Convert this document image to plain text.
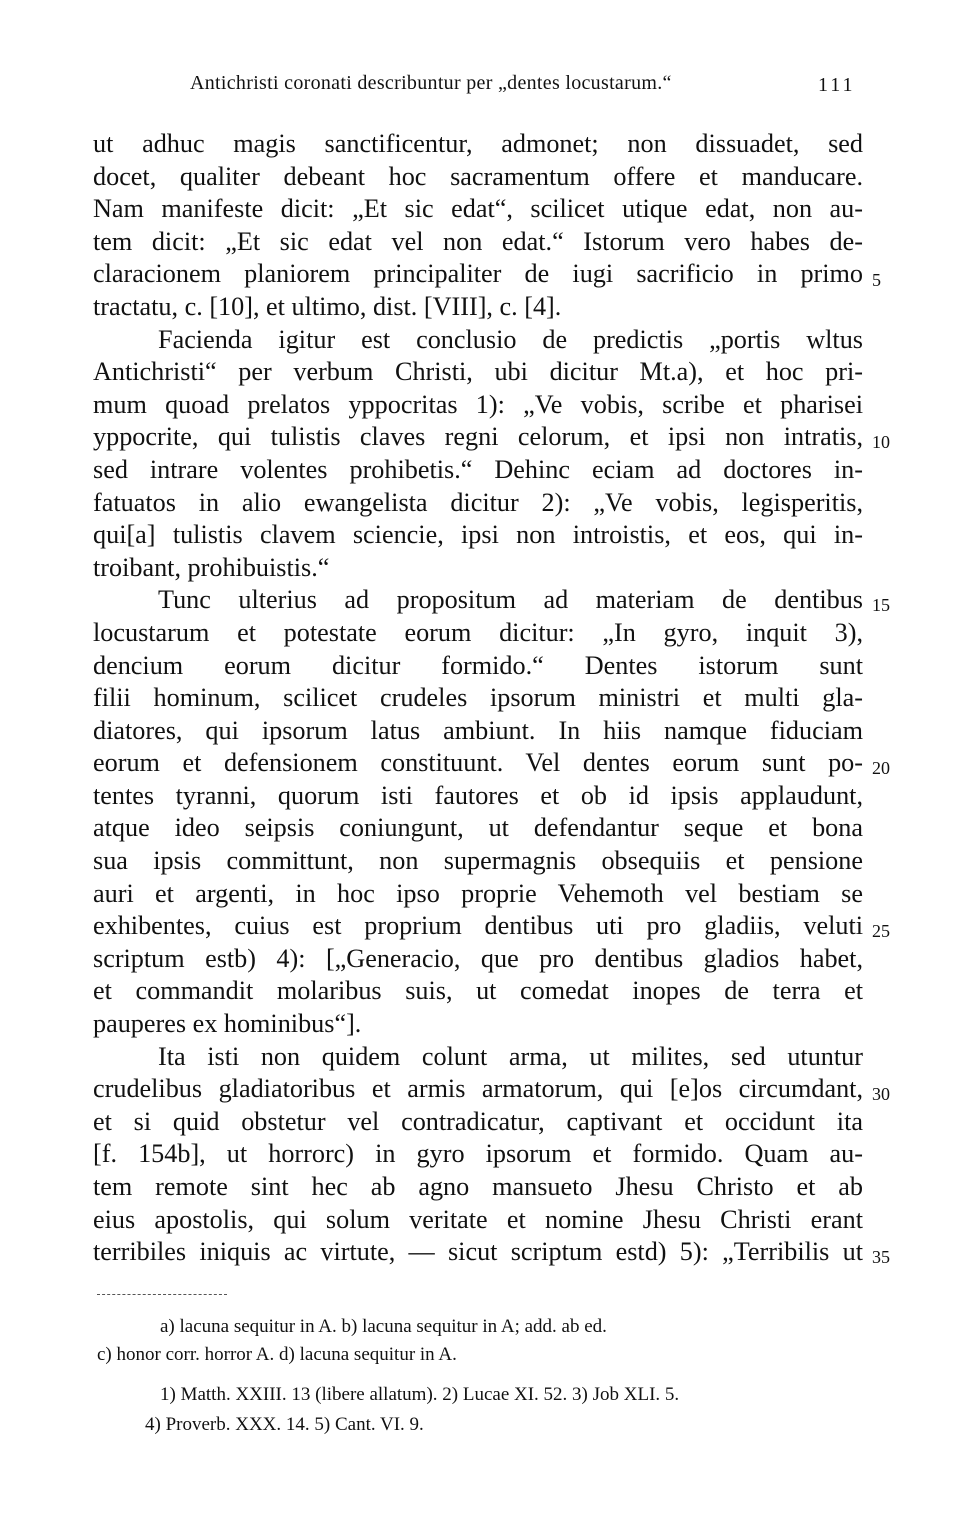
Antichristi coronati describuntur per „dentes locustarum.“	111
ut adhuc magis sanctificentur, admonet; non dissuadet, sed
docet, qualiter debeant hoc sacramentum offere et manducare.
Nam manifeste dicit: „Et sic edat“, scilicet utique edat, non au-
tem dicit: „Et sic edat vel non edat.“ Istorum vero habes de-
claracionem planiorem principaliter de iugi sacrificio in primo
tractatu, c. [10], et ultimo, dist. [VIII], c. [4].
Facienda igitur est conclusio de predictis „portis wltus
Antichristi“ per verbum Christi, ubi dicitur Mt.a), et hoc pri-
mum quoad prelatos yppocritas 1): „Ve vobis, scribe et pharisei
yppocrite, qui tulistis claves regni celorum, et ipsi non intratis,
sed intrare volentes prohibetis.“ Dehinc eciam ad doctores in-
fatuatos in alio ewangelista dicitur 2): „Ve vobis, legisperitis,
qui[a] tulistis clavem sciencie, ipsi non introistis, et eos, qui in-
troibant, prohibuistis.“
Tunc ulterius ad propositum ad materiam de dentibus
locustarum et potestate eorum dicitur: „In gyro, inquit 3),
dencium eorum dicitur formido.“ Dentes istorum sunt
filii hominum, scilicet crudeles ipsorum ministri et multi gla-
diatores, qui ipsorum latus ambiunt. In hiis namque fiduciam
eorum et defensionem constituunt. Vel dentes eorum sunt po-
tentes tyranni, quorum isti fautores et ob id ipsis applaudunt,
atque ideo seipsis coniungunt, ut defendantur seque et bona
sua ipsis committunt, non supermagnis obsequiis et pensione
auri et argenti, in hoc ipso proprie Vehemoth vel bestiam se
exhibentes, cuius est proprium dentibus uti pro gladiis, veluti
scriptum estb) 4): [„Generacio, que pro dentibus gladios habet,
et commandit molaribus suis, ut comedat inopes de terra et
pauperes ex hominibus“].
Ita isti non quidem colunt arma, ut milites, sed utuntur
crudelibus gladiatoribus et armis armatorum, qui [e]os circumdant,
et si quid obstetur vel contradicatur, captivant et occidunt ita
[f. 154b], ut horrorc) in gyro ipsorum et formido. Quam au-
tem remote sint hec ab agno mansueto Jhesu Christo et ab
eius apostolis, qui solum veritate et nomine Jhesu Christi erant
terribiles iniquis ac virtute, — sicut scriptum estd) 5): „Terribilis ut
5
10
15
20
25
30
35
a) lacuna sequitur in A. b) lacuna sequitur in A; add. ab ed.
c) honor corr. horror A. d) lacuna sequitur in A.
1) Matth. XXIII. 13 (libere allatum). 2) Lucae XI. 52. 3) Job XLI. 5.
4) Proverb. XXX. 14. 5) Cant. VI. 9.
